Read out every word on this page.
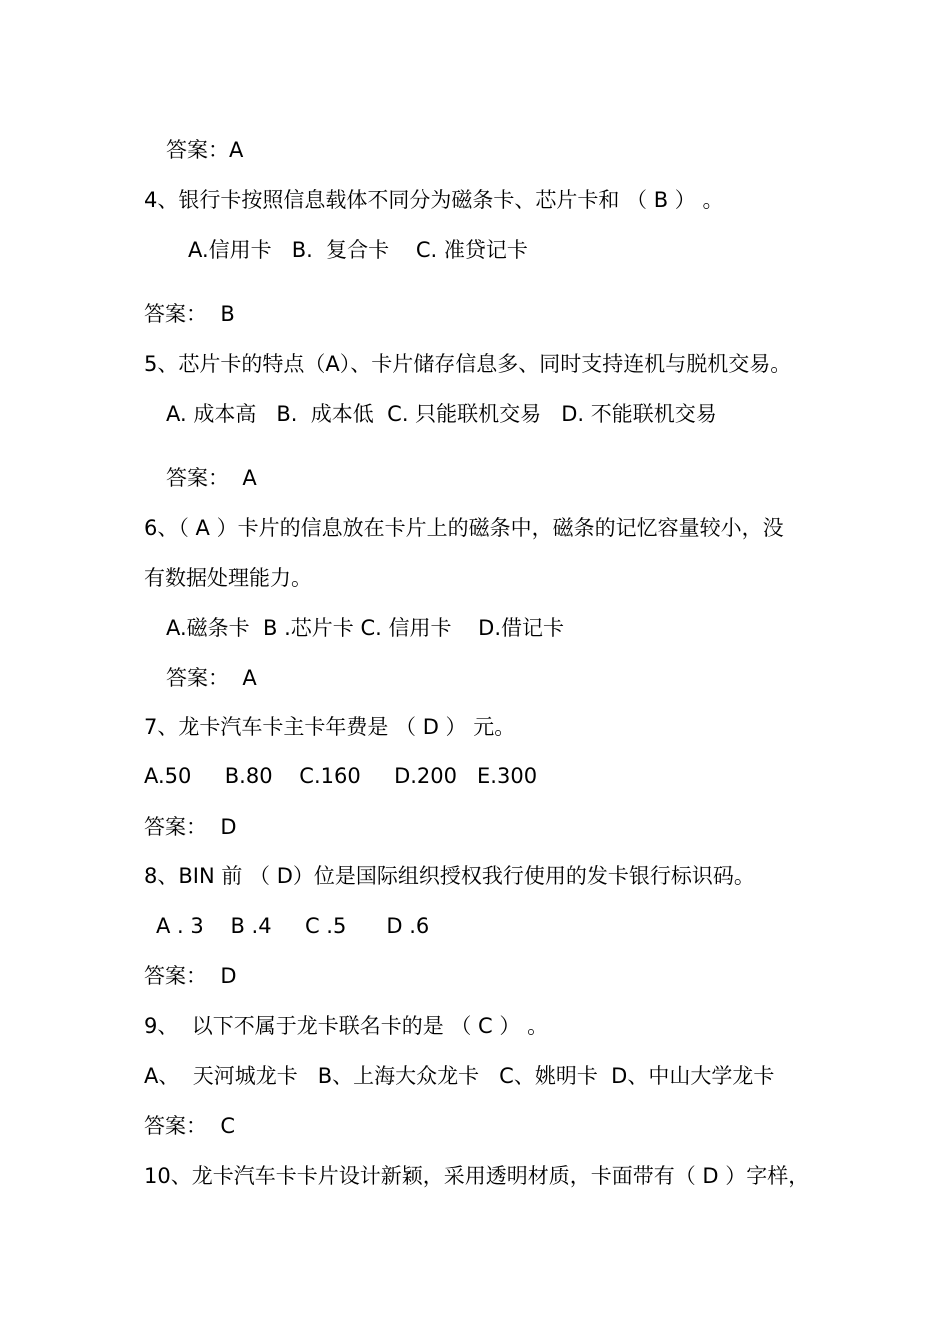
答案：A
4、银行卡按照信息载体不同分为磁条卡、芯片卡和 （ B ） 。
A.信用卡   B.  复合卡    C. 准贷记卡
答案：  B
5、芯片卡的特点（A）、卡片储存信息多、同时支持连机与脱机交易。
A. 成本高   B.  成本低  C. 只能联机交易   D. 不能联机交易
答案：  A
6、（ A ）卡片的信息放在卡片上的磁条中，磁条的记忆容量较小，没
有数据处理能力。
A.磁条卡  B .芯片卡 C. 信用卡    D.借记卡
答案：  A
7、龙卡汽车卡主卡年费是 （ D ） 元。
A.50     B.80    C.160     D.200   E.300
答案：  D
8、BIN 前 （ D）位是国际组织授权我行使用的发卡银行标识码。
A . 3    B .4     C .5      D .6
答案：  D
9、  以下不属于龙卡联名卡的是 （ C ） 。
A、  天河城龙卡   B、上海大众龙卡   C、姚明卡  D、中山大学龙卡
答案：  C
10、龙卡汽车卡卡片设计新颖，采用透明材质，卡面带有（ D ）字样，
